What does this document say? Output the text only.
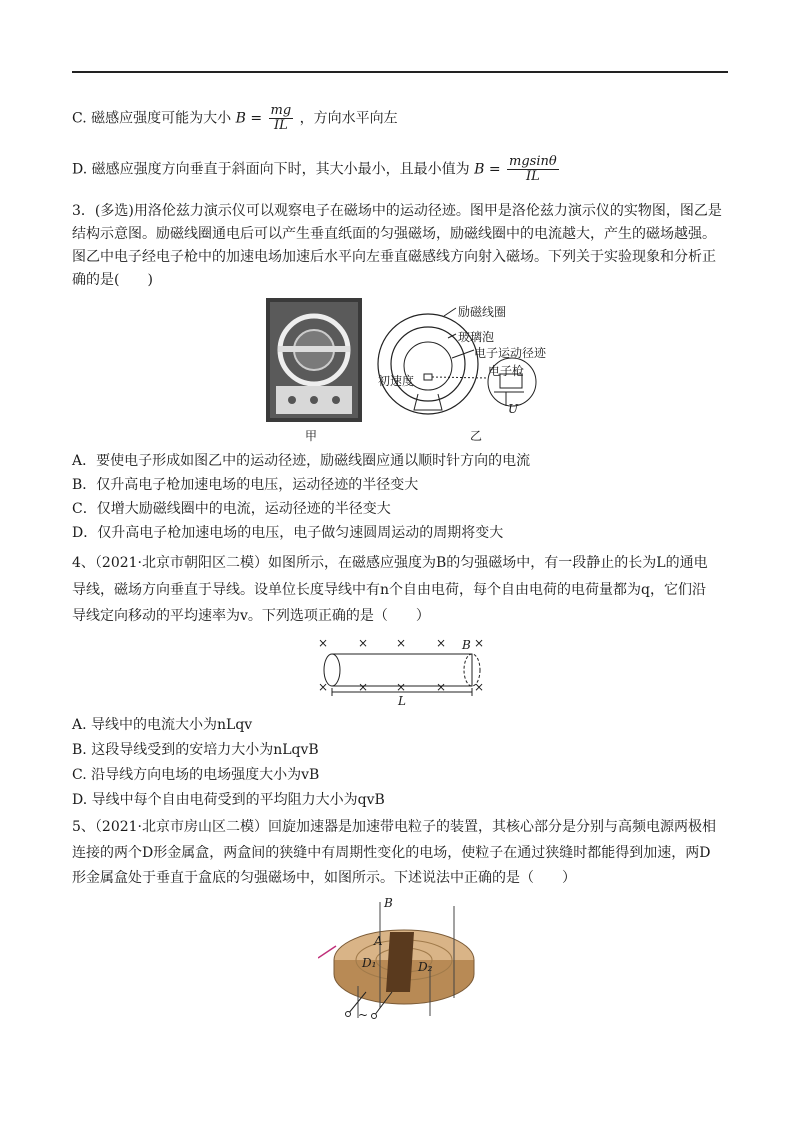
C. 磁感应强度可能为大小 $B = \frac{mg}{IL}$ ，方向水平向左
D. 磁感应强度方向垂直于斜面向下时，其大小最小，且最小值为 $B = \frac{mgsin\theta}{IL}$
3．(多选)用洛伦兹力演示仪可以观察电子在磁场中的运动径迹。图甲是洛伦兹力演示仪的实物图，图乙是
结构示意图。励磁线圈通电后可以产生垂直纸面的匀强磁场，励磁线圈中的电流越大，产生的磁场越强。
图乙中电子经电子枪中的加速电场加速后水平向左垂直磁感线方向射入磁场。下列关于实验现象和分析正
确的是(　　)
甲
励磁线圈
玻璃泡
电子运动径迹
电子枪
初速度
U
乙
A．要使电子形成如图乙中的运动径迹，励磁线圈应通以顺时针方向的电流
B．仅升高电子枪加速电场的电压，运动径迹的半径变大
C．仅增大励磁线圈中的电流，运动径迹的半径变大
D．仅升高电子枪加速电场的电压，电子做匀速圆周运动的周期将变大
4、（2021·北京市朝阳区二模）如图所示，在磁感应强度为B的匀强磁场中，有一段静止的长为L的通电
导线，磁场方向垂直于导线。设单位长度导线中有n个自由电荷，每个自由电荷的电荷量都为q，它们沿
导线定向移动的平均速率为v。下列选项正确的是（　　）
× × × × ×
× × × × ×
B
L
A. 导线中的电流大小为nLqv
B. 这段导线受到的安培力大小为nLqvB
C. 沿导线方向电场的电场强度大小为vB
D. 导线中每个自由电荷受到的平均阻力大小为qvB
5、（2021·北京市房山区二模）回旋加速器是加速带电粒子的装置，其核心部分是分别与高频电源两极相
连接的两个D形金属盒，两盒间的狭缝中有周期性变化的电场，使粒子在通过狭缝时都能得到加速，两D
形金属盒处于垂直于盒底的匀强磁场中，如图所示。下述说法中正确的是（　　）
B
A
D₁	D₂
~
